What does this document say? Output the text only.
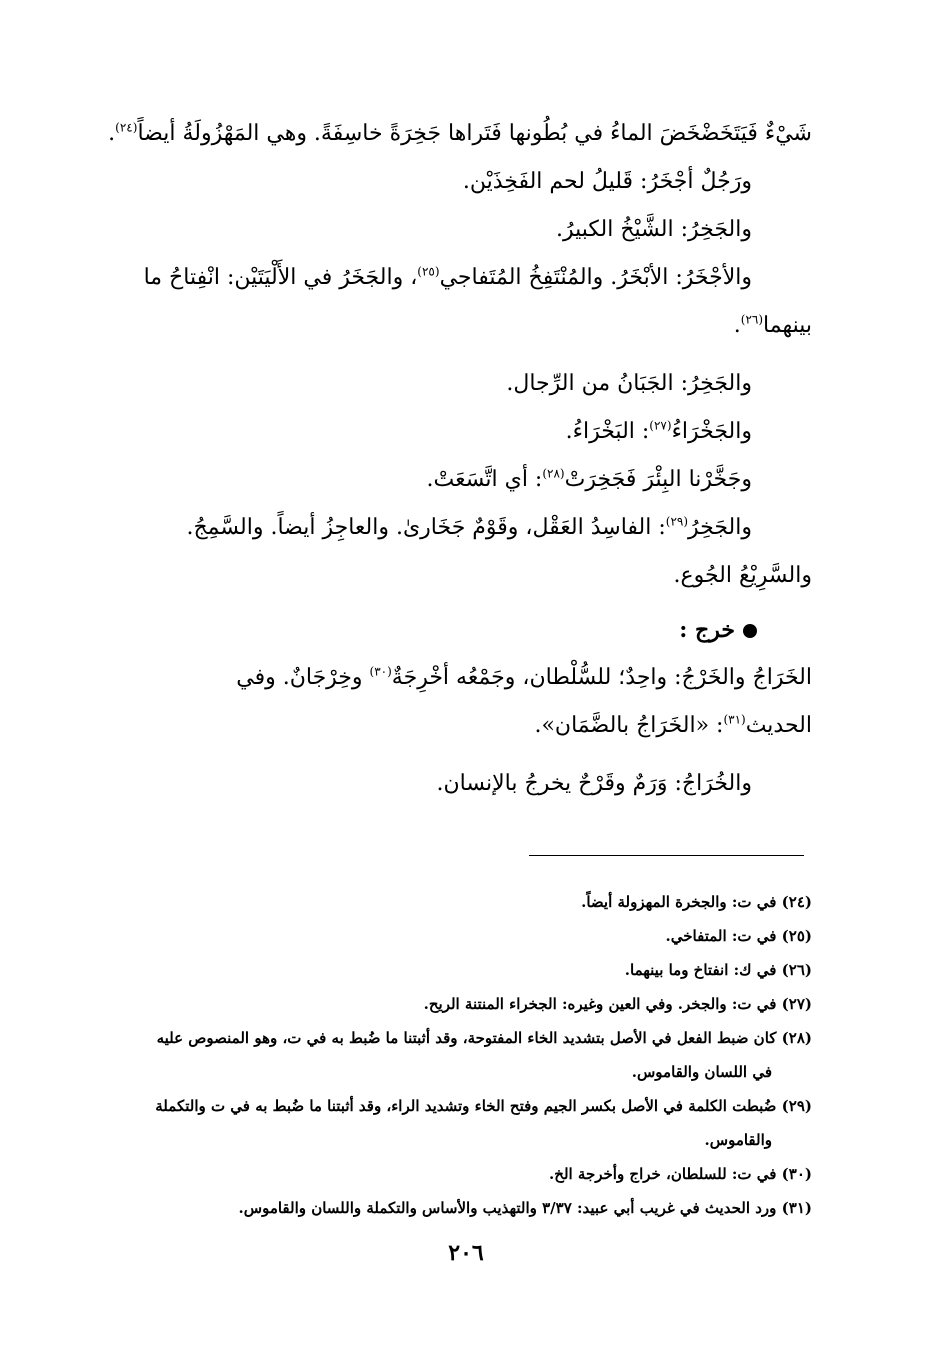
شَيْءٌ فَيَتَخَضْخَضَ الماءُ في بُطُونها فَتَراها جَخِرَةً خاسِفَةً. وهي المَهْزُولَةُ أيضاً$^{(٢٤)}$.

ورَجُلٌ أجْخَرُ: قَليلُ لحم الفَخِذَيْن.

والجَخِرُ: الشَّيْخُ الكبيرُ.

والأجْخَرُ: الأبْخَرُ. والمُنْتَفِخُ المُتَفاجي$^{(٢٥)}$، والجَخَرُ في الأَلْيَتَيْن: انْفِتاحُ ما

بينهما$^{(٢٦)}$.

والجَخِرُ: الجَبَانُ من الرِّجال.

والجَخْرَاءُ$^{(٢٧)}$: البَخْرَاءُ.

وجَخَّرْنا البِئْرَ فَجَخِرَتْ$^{(٢٨)}$: أي اتَّسَعَتْ.

والجَخِرُ$^{(٢٩)}$: الفاسِدُ العَقْل، وقَوْمٌ جَخَارىٰ. والعاجِزُ أيضاً. والسَّمِجُ.

والسَّرِيْعُ الجُوع.

خرج :

الخَرَاجُ والخَرْجُ: واحِدٌ؛ للسُّلْطان، وجَمْعُه أخْرِجَةٌ$^{(٣٠)}$ وخِرْجَانٌ. وفي

الحديث$^{(٣١)}$: «الخَرَاجُ بالضَّمَان».

والخُرَاجُ: وَرَمٌ وقَرْحٌ يخرجُ بالإنسان.

(٢٤) في ت: والجخرة المهزولة أيضاً.

(٢٥) في ت: المتفاخي.

(٢٦) في ك: انفتاخ وما بينهما.

(٢٧) في ت: والجخر. وفي العين وغيره: الجخراء المنتنة الريح.

(٢٨) كان ضبط الفعل في الأصل بتشديد الخاء المفتوحة، وقد أثبتنا ما ضُبط به في ت، وهو المنصوص عليه
في اللسان والقاموس.

(٢٩) ضُبطت الكلمة في الأصل بكسر الجيم وفتح الخاء وتشديد الراء، وقد أثبتنا ما ضُبط به في ت والتكملة
والقاموس.

(٣٠) في ت: للسلطان، خراج وأخرجة الخ.

(٣١) ورد الحديث في غريب أبي عبيد: ٣/٣٧ والتهذيب والأساس والتكملة واللسان والقاموس.

٢٠٦
